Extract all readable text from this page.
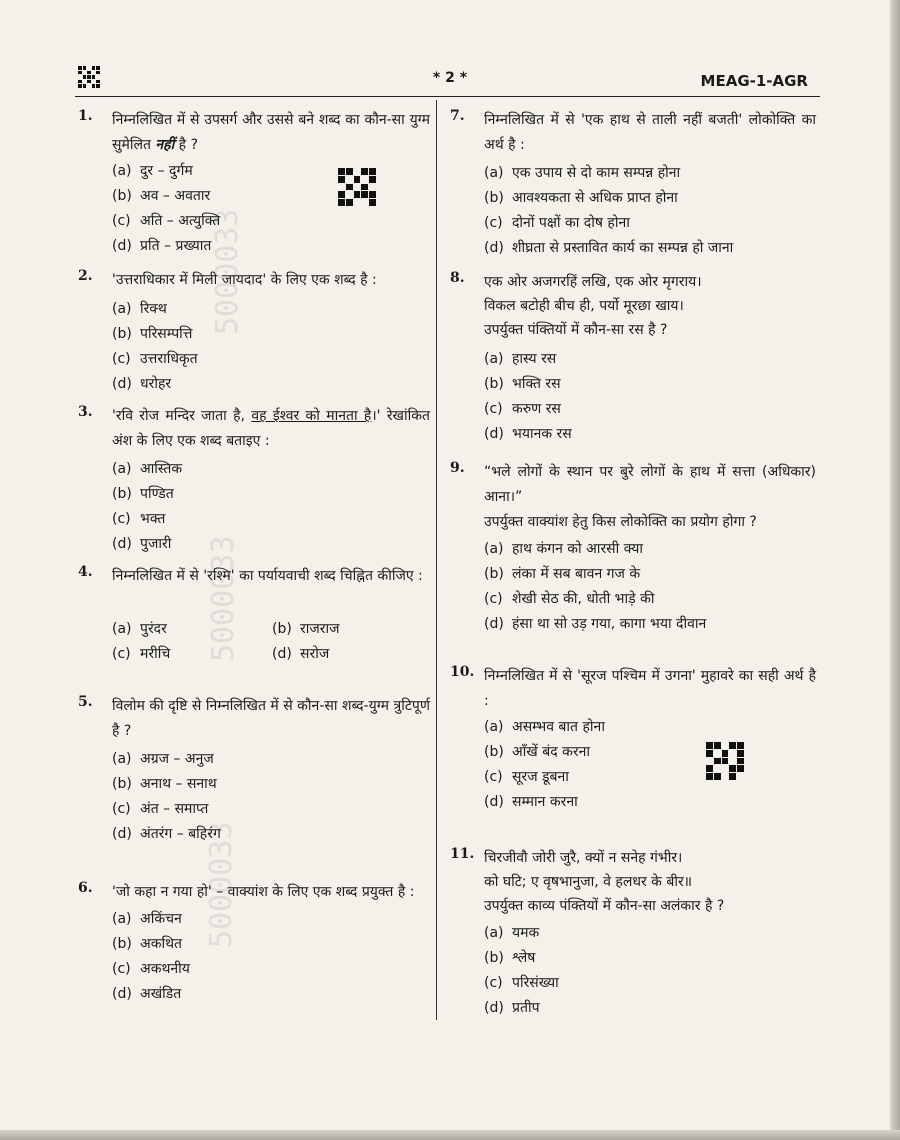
* 2 *	MEAG-1-AGR
5000033
5000033
5000033
1. निम्नलिखित में से उपसर्ग और उससे बने शब्द का कौन-सा युग्म सुमेलित नहीं है ?
(a) दुर – दुर्गम
(b) अव – अवतार
(c) अति – अत्युक्ति
(d) प्रति – प्रख्यात
2. 'उत्तराधिकार में मिली जायदाद' के लिए एक शब्द है :
(a) रिक्थ
(b) परिसम्पत्ति
(c) उत्तराधिकृत
(d) धरोहर
3. 'रवि रोज मन्दिर जाता है, वह ईश्वर को मानता है।' रेखांकित अंश के लिए एक शब्द बताइए :
(a) आस्तिक
(b) पण्डित
(c) भक्त
(d) पुजारी
4. निम्नलिखित में से 'रश्मि' का पर्यायवाची शब्द चिह्नित कीजिए :
(a) पुरंदर	(b) राजराज
(c) मरीचि	(d) सरोज
5. विलोम की दृष्टि से निम्नलिखित में से कौन-सा शब्द-युग्म त्रुटिपूर्ण है ?
(a) अग्रज – अनुज
(b) अनाथ – सनाथ
(c) अंत – समाप्त
(d) अंतरंग – बहिरंग
6. 'जो कहा न गया हो' – वाक्यांश के लिए एक शब्द प्रयुक्त है :
(a) अकिंचन
(b) अकथित
(c) अकथनीय
(d) अखंडित
7. निम्नलिखित में से 'एक हाथ से ताली नहीं बजती' लोकोक्ति का अर्थ है :
(a) एक उपाय से दो काम सम्पन्न होना
(b) आवश्यकता से अधिक प्राप्त होना
(c) दोनों पक्षों का दोष होना
(d) शीघ्रता से प्रस्तावित कार्य का सम्पन्न हो जाना
8. एक ओर अजगरहिं लखि, एक ओर मृगराय।
विकल बटोही बीच ही, पर्यो मूरछा खाय।
उपर्युक्त पंक्तियों में कौन-सा रस है ?
(a) हास्य रस
(b) भक्ति रस
(c) करुण रस
(d) भयानक रस
9. “भले लोगों के स्थान पर बुरे लोगों के हाथ में सत्ता (अधिकार) आना।”
उपर्युक्त वाक्यांश हेतु किस लोकोक्ति का प्रयोग होगा ?
(a) हाथ कंगन को आरसी क्या
(b) लंका में सब बावन गज के
(c) शेखी सेठ की, धोती भाड़े की
(d) हंसा था सो उड़ गया, कागा भया दीवान
10. निम्नलिखित में से 'सूरज पश्चिम में उगना' मुहावरे का सही अर्थ है :
(a) असम्भव बात होना
(b) आँखें बंद करना
(c) सूरज डूबना
(d) सम्मान करना
11. चिरजीवौ जोरी जुरै, क्यों न सनेह गंभीर।
को घटि; ए वृषभानुजा, वे हलधर के बीर॥
उपर्युक्त काव्य पंक्तियों में कौन-सा अलंकार है ?
(a) यमक
(b) श्लेष
(c) परिसंख्या
(d) प्रतीप
